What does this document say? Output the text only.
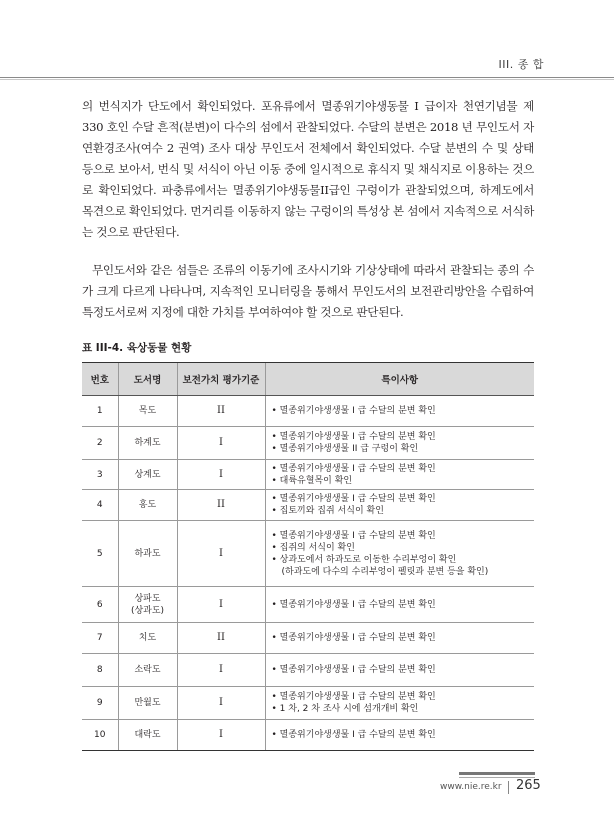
III. 종 합

의 번식지가 단도에서 확인되었다. 포유류에서 멸종위기야생동물 I 급이자 천연기념물 제 330 호인 수달 흔적(분변)이 다수의 섬에서 관찰되었다. 수달의 분변은 2018 년 무인도서 자연환경조사(여수 2 권역) 조사 대상 무인도서 전체에서 확인되었다. 수달 분변의 수 및 상태 등으로 보아서, 번식 및 서식이 아닌 이동 중에 일시적으로 휴식지 및 채식지로 이용하는 것으로 확인되었다. 파충류에서는 멸종위기야생동물II급인 구렁이가 관찰되었으며, 하계도에서 목견으로 확인되었다. 먼거리를 이동하지 않는 구렁이의 특성상 본 섬에서 지속적으로 서식하는 것으로 판단된다.

무인도서와 같은 섬들은 조류의 이동기에 조사시기와 기상상태에 따라서 관찰되는 종의 수가 크게 다르게 나타나며, 지속적인 모니터링을 통해서 무인도서의 보전관리방안을 수립하여 특정도서로써 지정에 대한 가치를 부여하여야 할 것으로 판단된다.

표 III-4. 육상동물 현황
번호	도서명	보전가치 평가기준	특이사항
1	목도	II	• 멸종위기야생생물 I 급 수달의 분변 확인

2	하계도	I	• 멸종위기야생생물 I 급 수달의 분변 확인
• 멸종위기야생생물 II 급 구렁이 확인

3	상계도	I	• 멸종위기야생생물 I 급 수달의 분변 확인
• 대륙유혈목이 확인

4	홍도	II	• 멸종위기야생생물 I 급 수달의 분변 확인
• 집토끼와 집쥐 서식이 확인

5	하과도	I	• 멸종위기야생생물 I 급 수달의 분변 확인
• 집쥐의 서식이 확인
• 상과도에서 하과도로 이동한 수리부엉이 확인
(하과도에 다수의 수리부엉이 펠릿과 분변 등을 확인)

6	상파도
(상과도)	I	• 멸종위기야생생물 I 급 수달의 분변 확인

7	치도	II	• 멸종위기야생생물 I 급 수달의 분변 확인

8	소락도	I	• 멸종위기야생생물 I 급 수달의 분변 확인

9	만월도	I	• 멸종위기야생생물 I 급 수달의 분변 확인
• 1 차, 2 차 조사 시에 섬개개비 확인

10	대락도	I	• 멸종위기야생생물 I 급 수달의 분변 확인
www.nie.re.kr 265
